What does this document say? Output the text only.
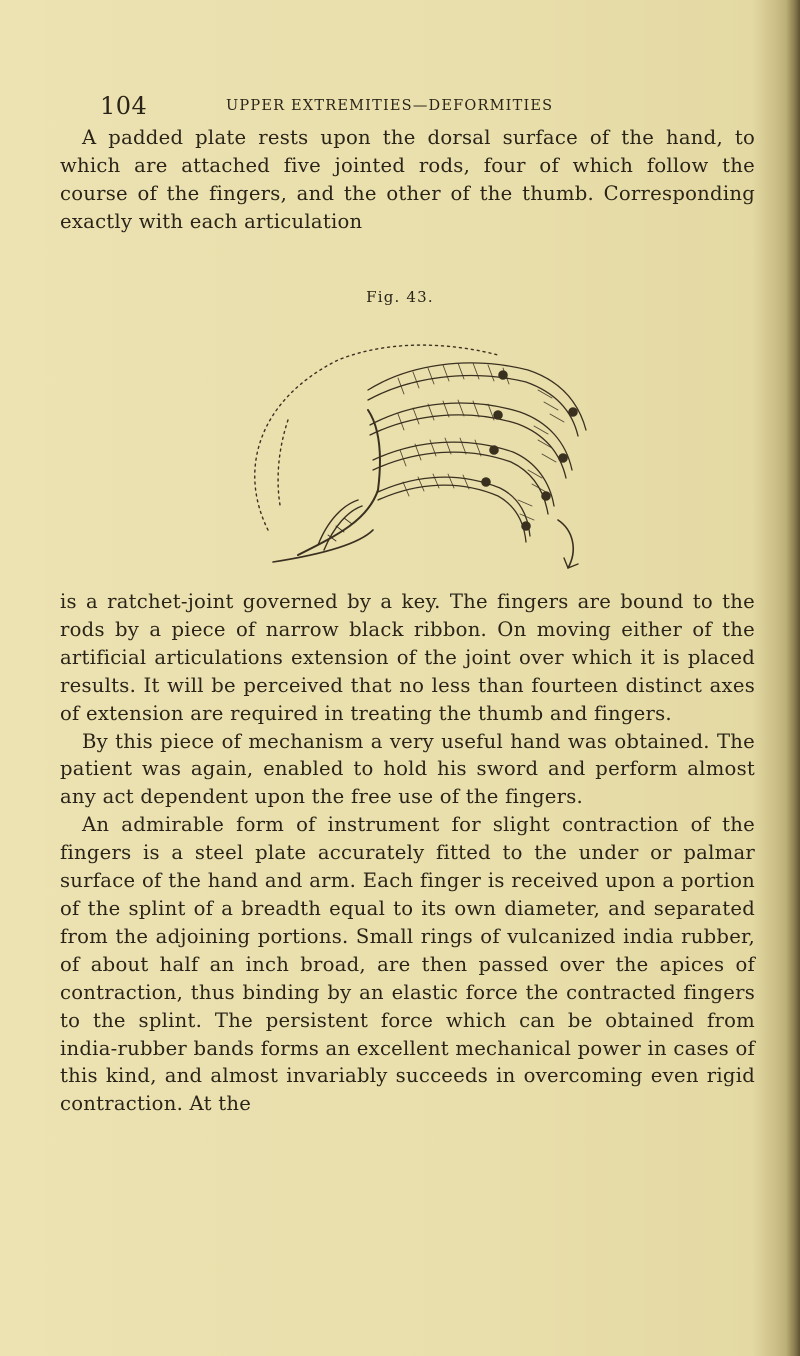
104	UPPER EXTREMITIES—DEFORMITIES

A padded plate rests upon the dorsal surface of the hand, to which are attached five jointed rods, four of which follow the course of the fingers, and the other of the thumb. Corresponding exactly with each articulation

Fig. 43.

is a ratchet-joint governed by a key. The fingers are bound to the rods by a piece of narrow black ribbon. On moving either of the artificial articulations extension of the joint over which it is placed results. It will be perceived that no less than fourteen distinct axes of extension are required in treating the thumb and fingers.

By this piece of mechanism a very useful hand was obtained. The patient was again, enabled to hold his sword and perform almost any act dependent upon the free use of the fingers.

An admirable form of instrument for slight contraction of the fingers is a steel plate accurately fitted to the under or palmar surface of the hand and arm. Each finger is received upon a portion of the splint of a breadth equal to its own diameter, and separated from the adjoining portions. Small rings of vulcanized india rubber, of about half an inch broad, are then passed over the apices of contraction, thus binding by an elastic force the contracted fingers to the splint. The persistent force which can be obtained from india-rubber bands forms an excellent mechanical power in cases of this kind, and almost invariably succeeds in overcoming even rigid contraction. At the
